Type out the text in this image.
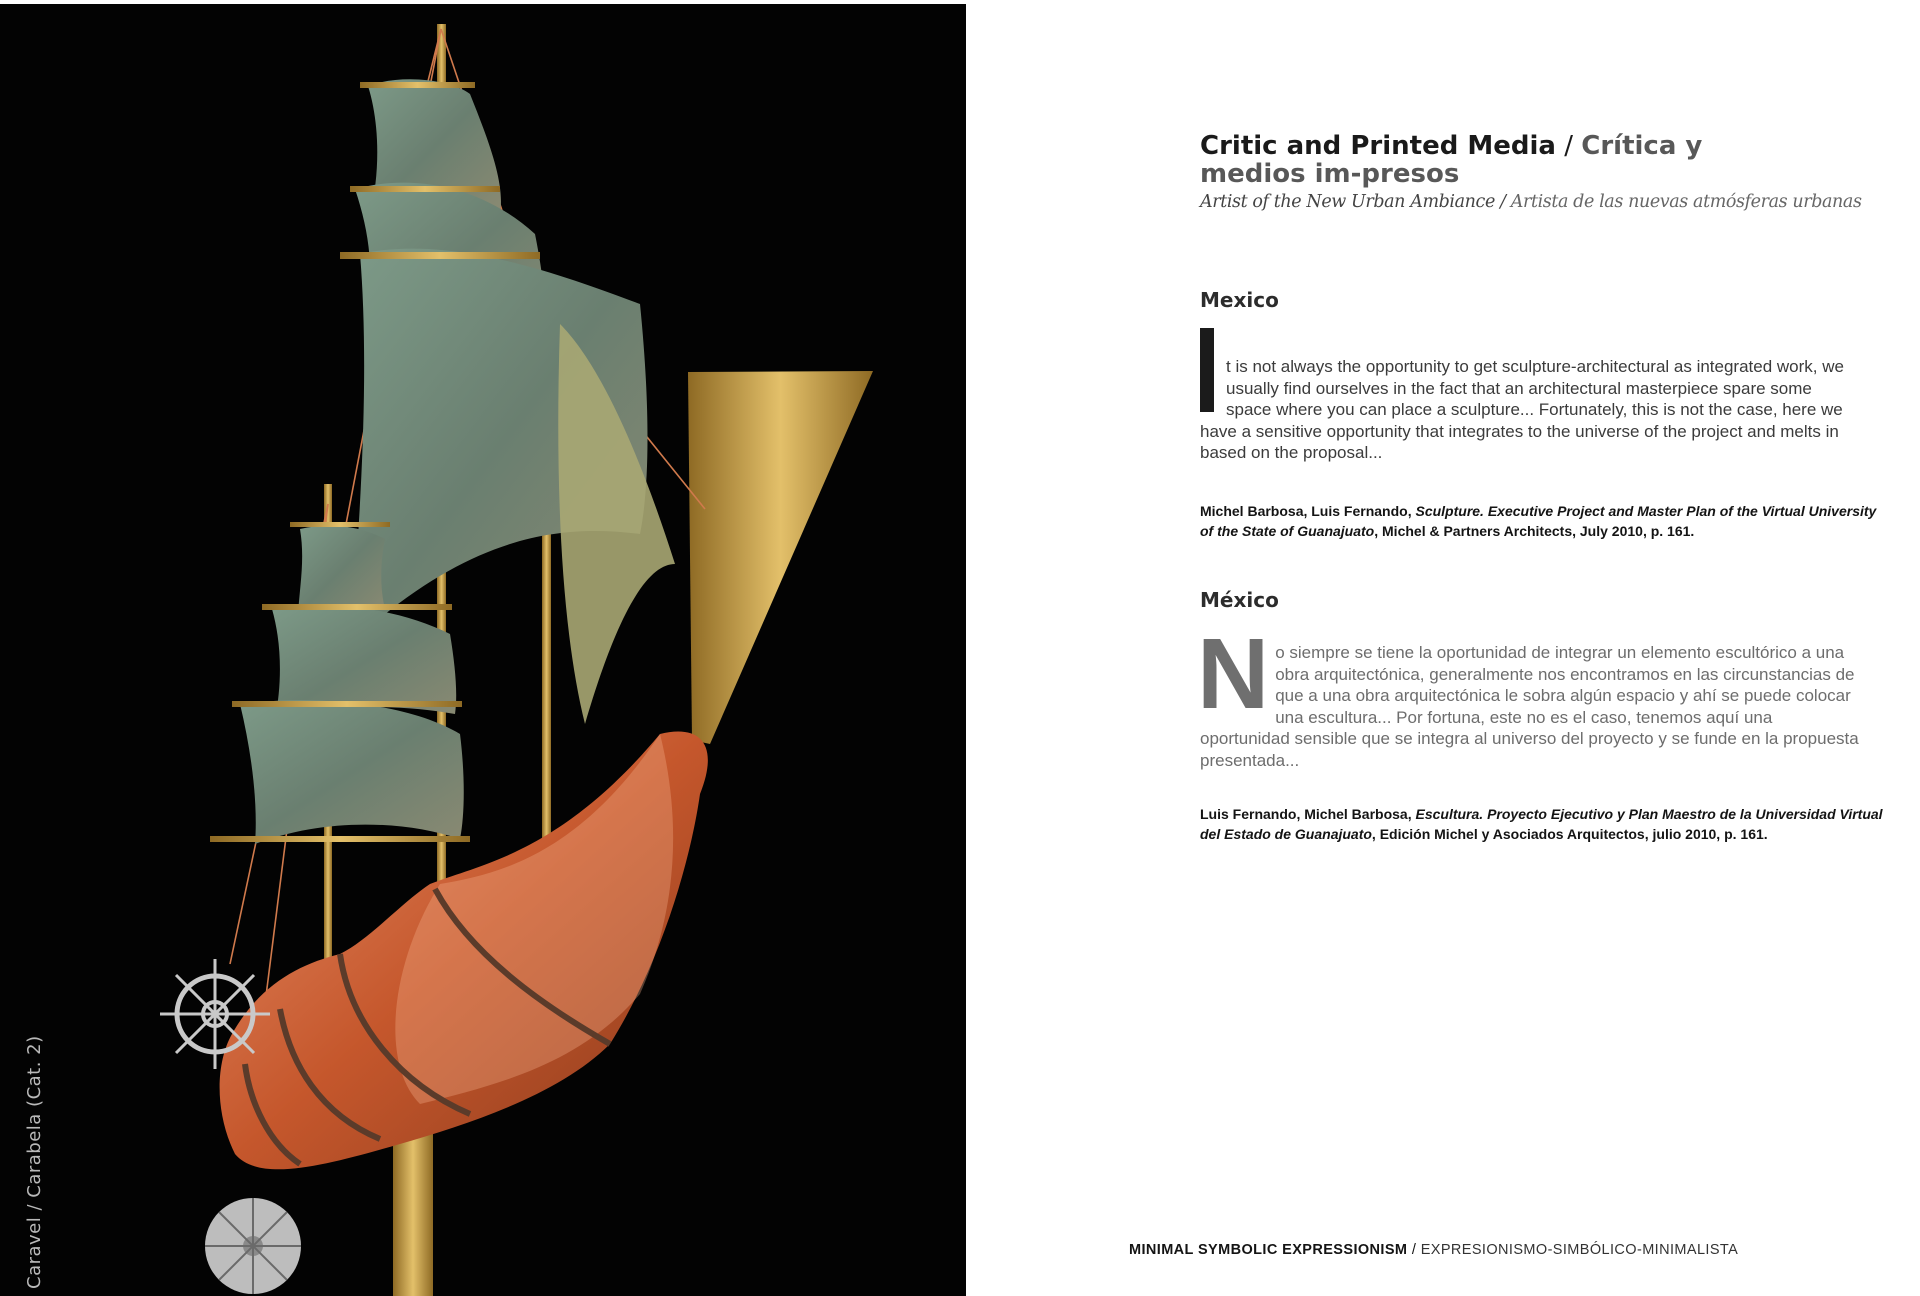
Caravel / Carabela (Cat. 2)
Critic and Printed Media / Crítica y medios im-presos
Artist of the New Urban Ambiance / Artista de las nuevas atmósferas urbanas
Mexico
t is not always the opportunity to get sculpture-architectural as integrated work, we usually find ourselves in the fact that an architectural masterpiece spare some space where you can place a sculpture... Fortunately, this is not the case, here we have a sensitive opportunity that integrates to the universe of the project and melts in based on the proposal...
Michel Barbosa, Luis Fernando, Sculpture. Executive Project and Master Plan of the Virtual University of the State of Guanajuato, Michel & Partners Architects, July 2010, p. 161.
México
N o siempre se tiene la oportunidad de integrar un elemento escultórico a una obra arquitectónica, generalmente nos encontramos en las circunstancias de que a una obra arquitectónica le sobra algún espacio y ahí se puede colocar una escultura... Por fortuna, este no es el caso, tenemos aquí una oportunidad sensible que se integra al universo del proyecto y se funde en la propuesta presentada...
Luis Fernando, Michel Barbosa, Escultura. Proyecto Ejecutivo y Plan Maestro de la Universidad Virtual del Estado de Guanajuato, Edición Michel y Asociados Arquitectos, julio 2010, p. 161.
MINIMAL SYMBOLIC EXPRESSIONISM / EXPRESIONISMO-SIMBÓLICO-MINIMALISTA
